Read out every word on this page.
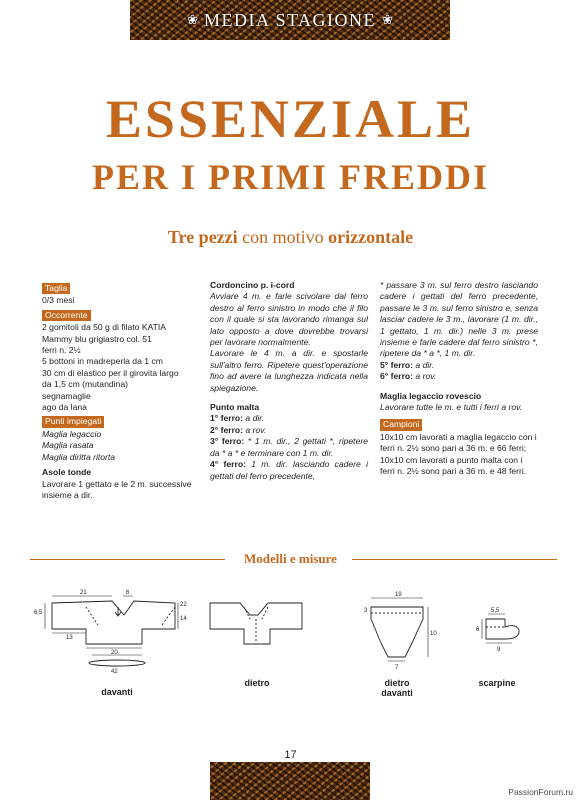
❀ MEDIA STAGIONE ❀
ESSENZIALE
PER I PRIMI FREDDI
Tre pezzi con motivo orizzontale
Taglia

0/3 mesi

Occorrente

2 gomitoli da 50 g di filato KATIA

Mammy blu grigiastro col. 51

ferri n. 2½

5 bottoni in madreperla da 1 cm

30 cm di elastico per il girovita largo

da 1,5 cm (mutandina)

segnamaglie

ago da lana

Punti impiegati

Maglia legaccio

Maglia rasata

Maglia diritta ritorta

Asole tonde

Lavorare 1 gettato e le 2 m. successive insieme a dir.

Cordoncino p. i-cord

Avviare 4 m. e farle scivolare dal ferro destro al ferro sinistro in modo che il filo con il quale si sta lavorando rimanga sul lato opposto a dove dovrebbe trovarsi per lavorare normalmente.

Lavorare le 4 m. a dir. e spostarle sull'altro ferro. Ripetere quest'operazione fino ad avere la lunghezza indicata nella spiegazione.

Punto malta

1° ferro: a dir.

2° ferro: a rov.

3° ferro: * 1 m. dir., 2 gettati *, ripetere da * a * e terminare con 1 m. dir.

4° ferro: 1 m. dir. lasciando cadere i gettati del ferro precedente,

* passare 3 m. sul ferro destro lasciando cadere i gettati del ferro precedente, passare le 3 m. sul ferro sinistro e, senza lasciar cadere le 3 m., lavorare (1 m. dir., 1 gettato, 1 m. dir.) nelle 3 m. prese insieme e farle cadere dal ferro sinistro *, ripetere da * a *, 1 m. dir.

5° ferro: a dir.

6° ferro: a rov.

Maglia legaccio rovescio

Lavorare tutte le m. e tutti i ferri a rov.

Campioni

10x10 cm lavorati a maglia legaccio con i ferri n. 2½ sono pari a 36 m. e 66 ferri;

10x10 cm lavorati a punto malta con i ferri n. 2½ sono pari a 36 m. e 48 ferri.

Modelli e misure
21	6
6,5
22
14
13
20
42
19
3
10
7
5,5
6
9
davanti
dietro	dietro
davanti
scarpine
17
PassionForum.ru
